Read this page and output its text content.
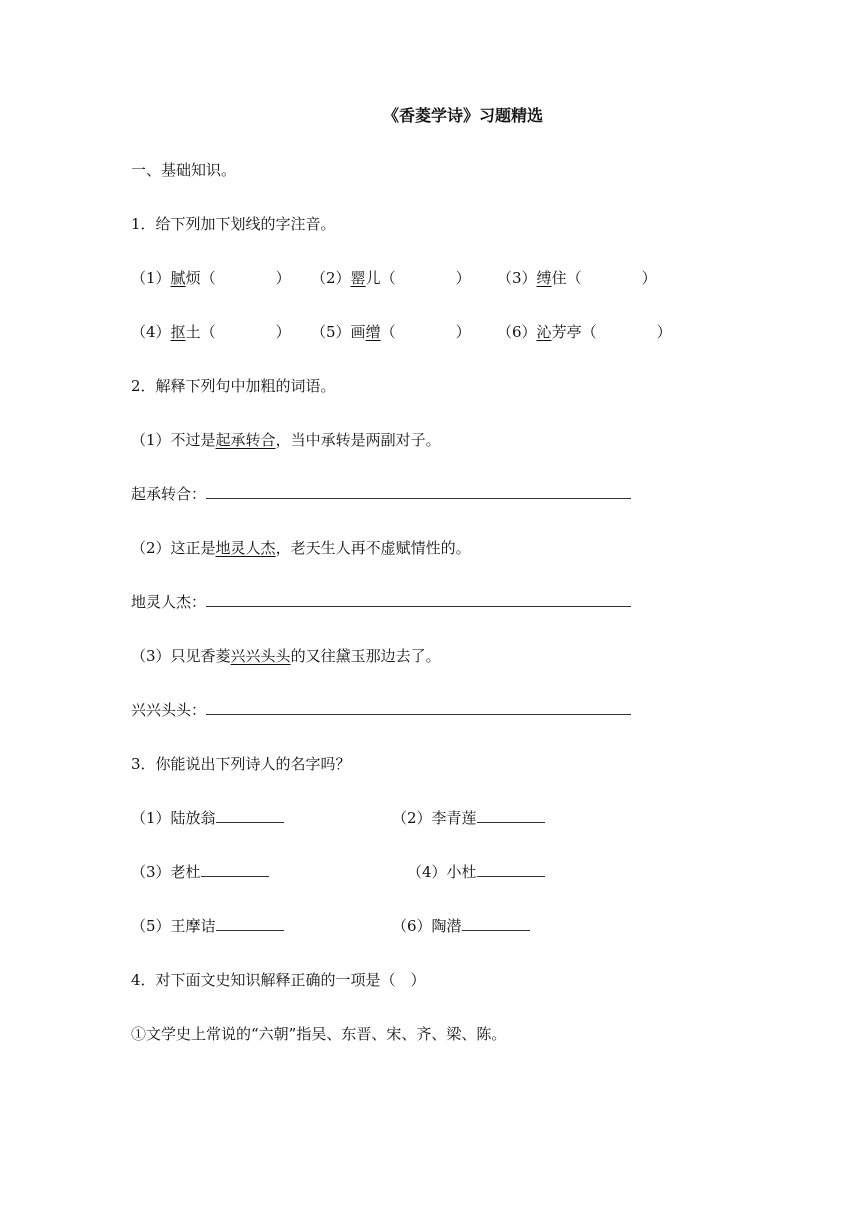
《香菱学诗》习题精选
一、基础知识。
1．给下列加下划线的字注音。
（1）腻烦（	） （2）罂儿（	） （3）缚住（	）
（4）抠土（	） （5）画缯（	） （6）沁芳亭（	）
2．解释下列句中加粗的词语。
（1）不过是起承转合，当中承转是两副对子。
起承转合：
（2）这正是地灵人杰，老天生人再不虚赋情性的。
地灵人杰：
（3）只见香菱兴兴头头的又往黛玉那边去了。
兴兴头头：
3．你能说出下列诗人的名字吗？
（1）陆放翁	（2）李青莲
（3）老杜	（4）小杜
（5）王摩诘	（6）陶潜
4．对下面文史知识解释正确的一项是（　）
①文学史上常说的“六朝”指吴、东晋、宋、齐、梁、陈。
